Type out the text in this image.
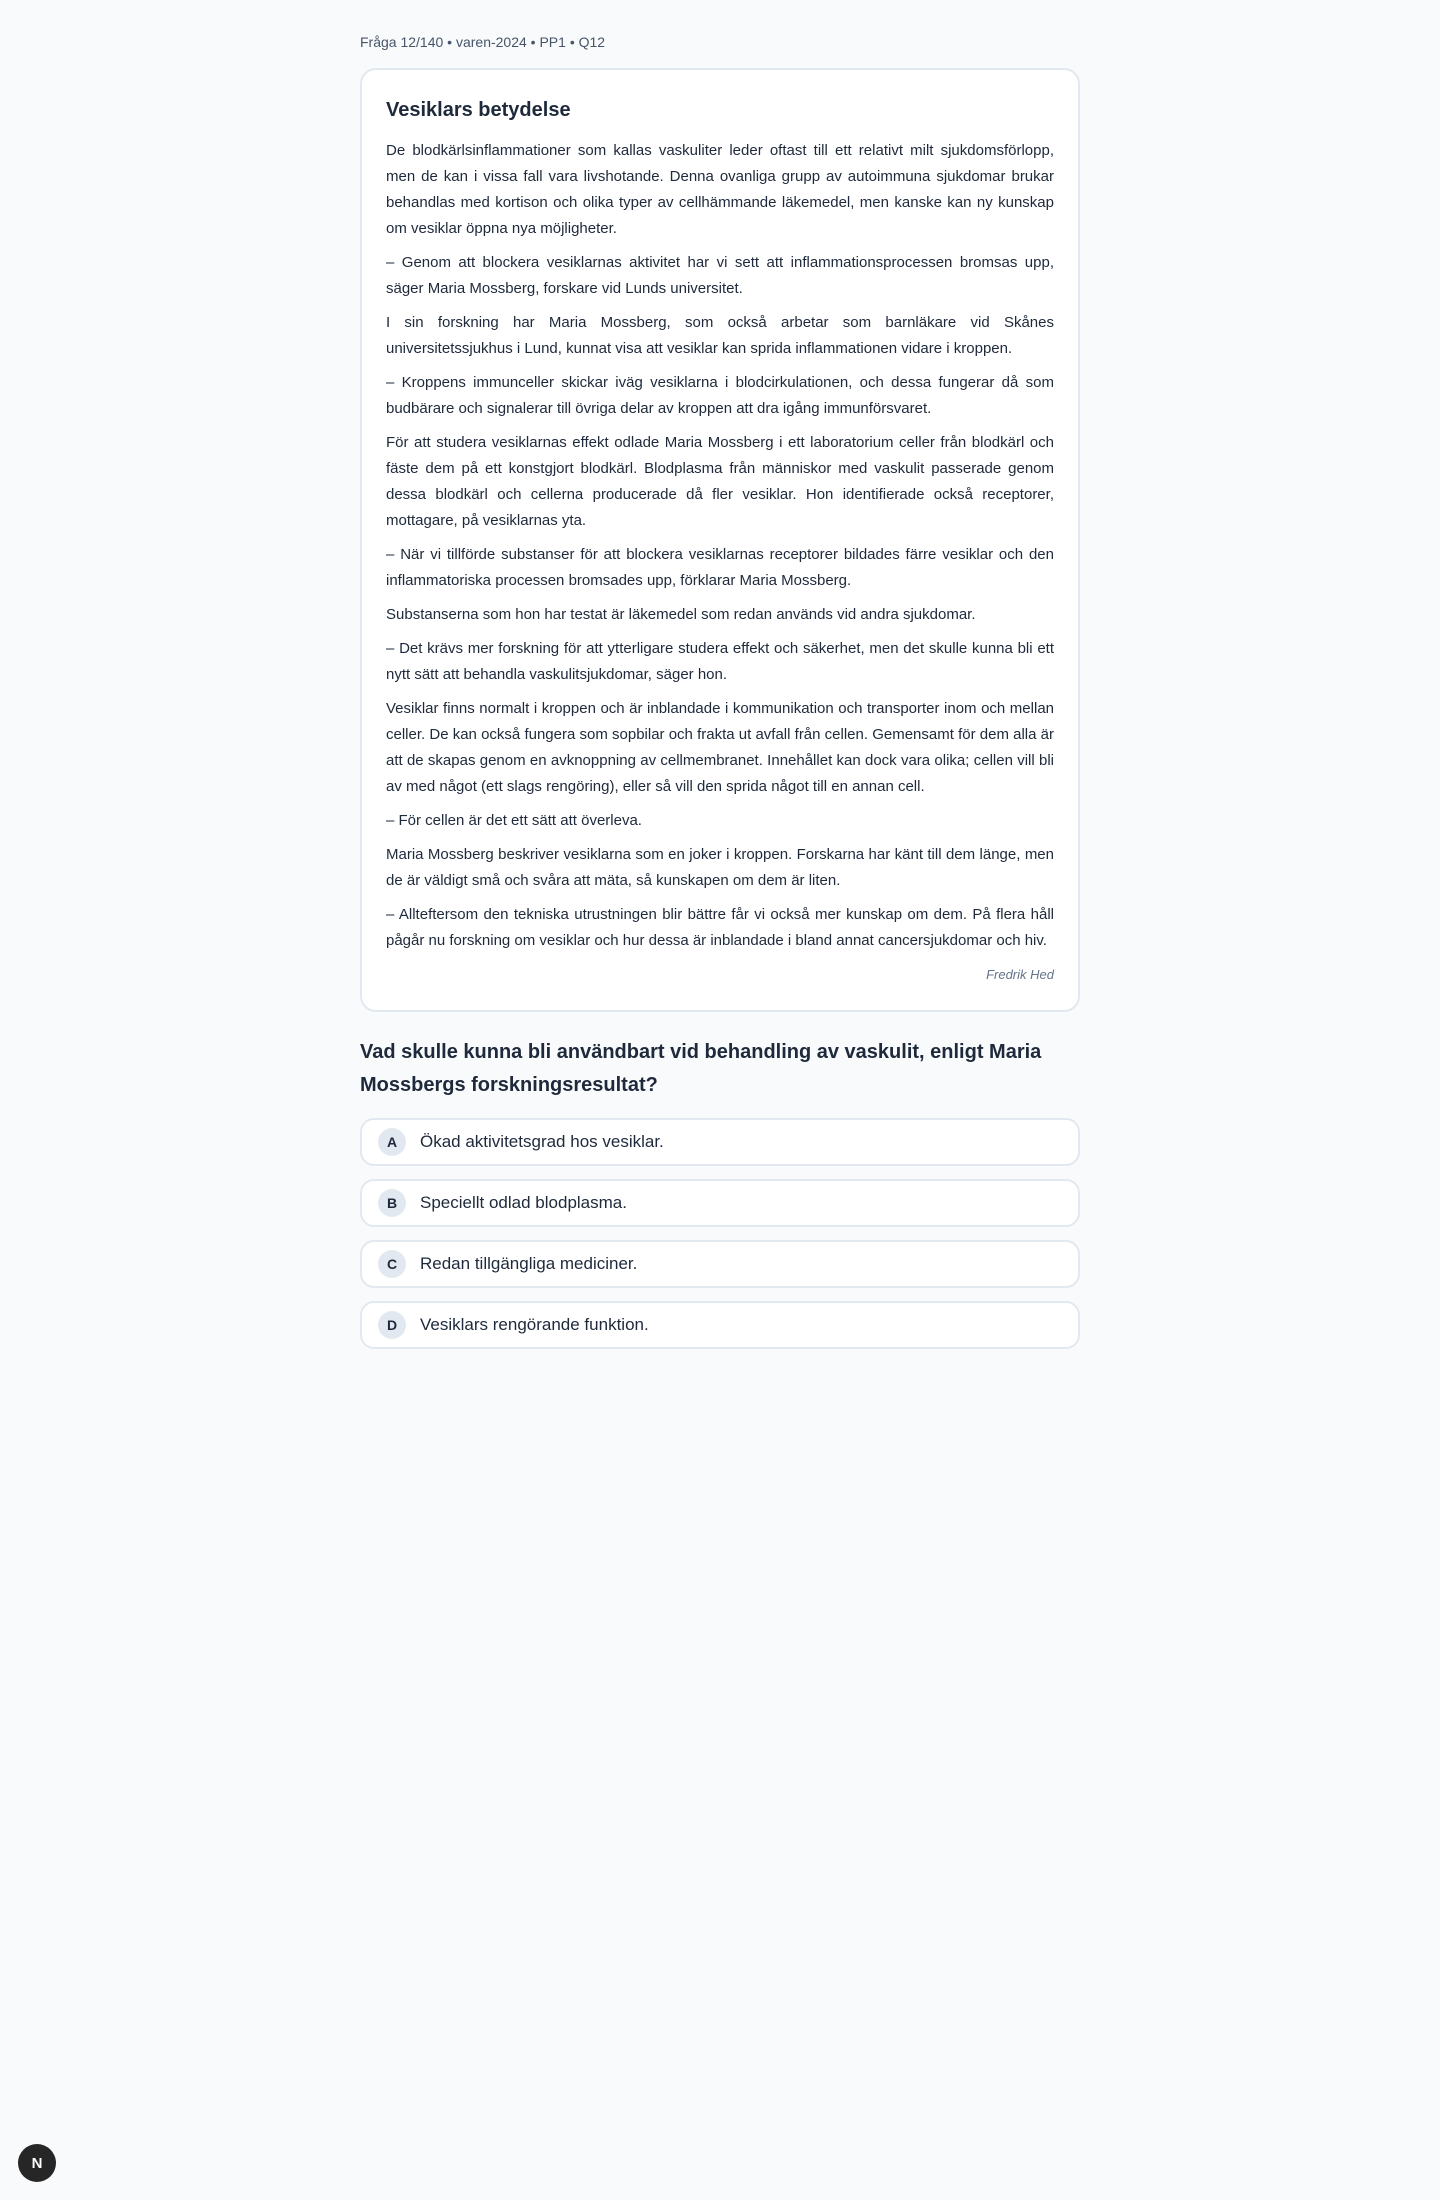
Fråga 12/140 • varen-2024 • PP1 • Q12
Vesiklars betydelse

De blodkärlsinflammationer som kallas vaskuliter leder oftast till ett relativt milt sjukdomsförlopp, men de kan i vissa fall vara livshotande. Denna ovanliga grupp av autoimmuna sjukdomar brukar behandlas med kortison och olika typer av cellhämmande läkemedel, men kanske kan ny kunskap om vesiklar öppna nya möjligheter.

– Genom att blockera vesiklarnas aktivitet har vi sett att inflammationsprocessen bromsas upp, säger Maria Mossberg, forskare vid Lunds universitet.

I sin forskning har Maria Mossberg, som också arbetar som barnläkare vid Skånes universitetssjukhus i Lund, kunnat visa att vesiklar kan sprida inflammationen vidare i kroppen.

– Kroppens immunceller skickar iväg vesiklarna i blodcirkulationen, och dessa fungerar då som budbärare och signalerar till övriga delar av kroppen att dra igång immunförsvaret.

För att studera vesiklarnas effekt odlade Maria Mossberg i ett laboratorium celler från blodkärl och fäste dem på ett konstgjort blodkärl. Blodplasma från människor med vaskulit passerade genom dessa blodkärl och cellerna producerade då fler vesiklar. Hon identifierade också receptorer, mottagare, på vesiklarnas yta.

– När vi tillförde substanser för att blockera vesiklarnas receptorer bildades färre vesiklar och den inflammatoriska processen bromsades upp, förklarar Maria Mossberg.

Substanserna som hon har testat är läkemedel som redan används vid andra sjukdomar.

– Det krävs mer forskning för att ytterligare studera effekt och säkerhet, men det skulle kunna bli ett nytt sätt att behandla vaskulitsjukdomar, säger hon.

Vesiklar finns normalt i kroppen och är inblandade i kommunikation och transporter inom och mellan celler. De kan också fungera som sopbilar och frakta ut avfall från cellen. Gemensamt för dem alla är att de skapas genom en avknoppning av cellmembranet. Innehållet kan dock vara olika; cellen vill bli av med något (ett slags rengöring), eller så vill den sprida något till en annan cell.

– För cellen är det ett sätt att överleva.

Maria Mossberg beskriver vesiklarna som en joker i kroppen. Forskarna har känt till dem länge, men de är väldigt små och svåra att mäta, så kunskapen om dem är liten.

– Allteftersom den tekniska utrustningen blir bättre får vi också mer kunskap om dem. På flera håll pågår nu forskning om vesiklar och hur dessa är inblandade i bland annat cancersjukdomar och hiv.

Fredrik Hed
Vad skulle kunna bli användbart vid behandling av vaskulit, enligt Maria Mossbergs forskningsresultat?
A	Ökad aktivitetsgrad hos vesiklar.
B	Speciellt odlad blodplasma.
C	Redan tillgängliga mediciner.
D	Vesiklars rengörande funktion.
N
